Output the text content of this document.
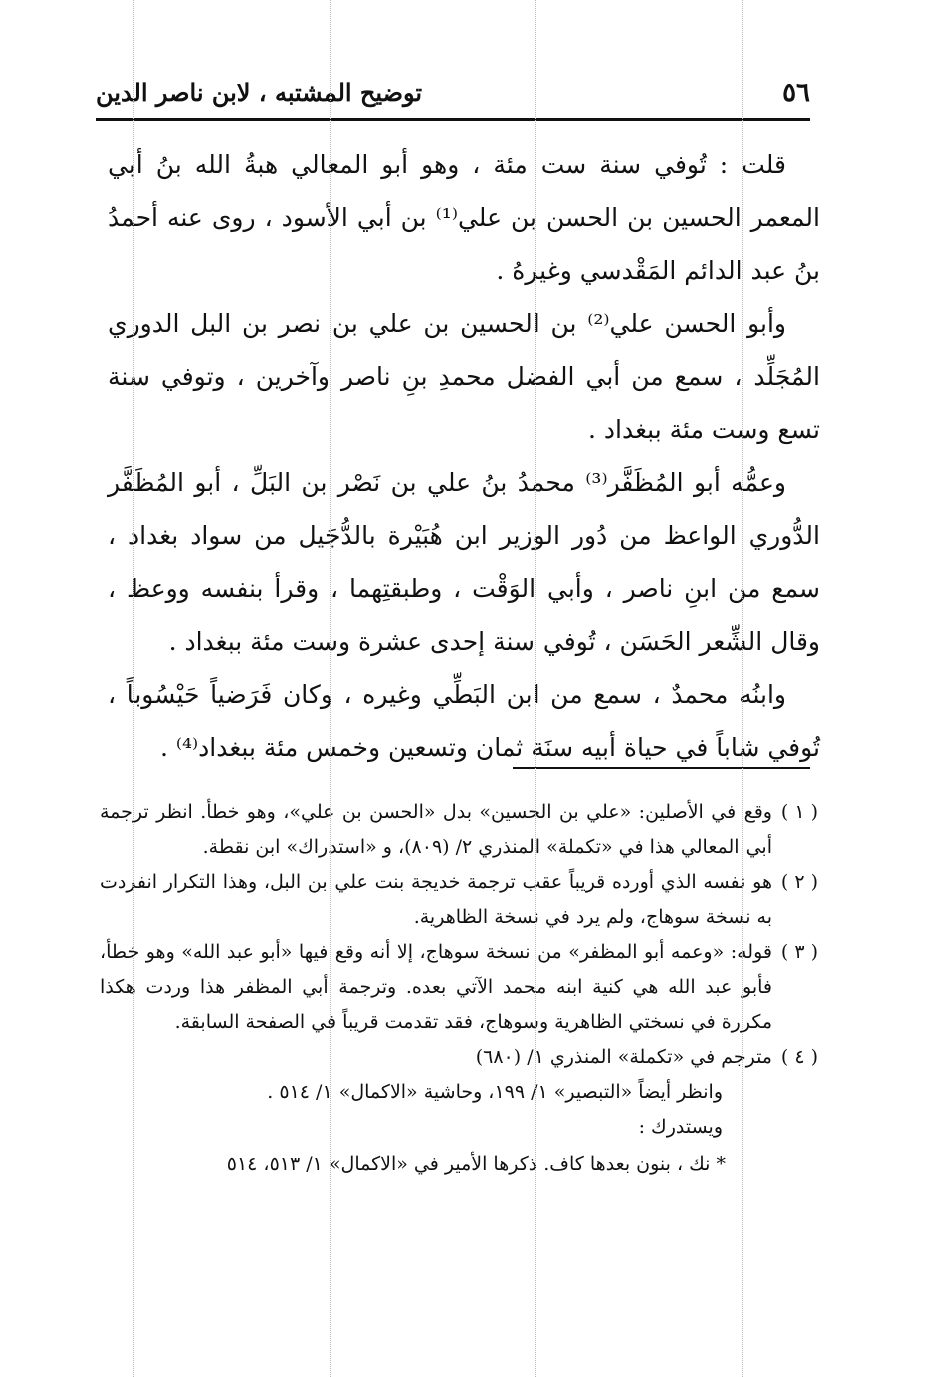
٥٦
توضيح المشتبه ، لابن ناصر الدين

قلت : تُوفي سنة ست مئة ، وهو أبو المعالي هبةُ الله بنُ أبي المعمر الحسين بن الحسن بن علي⁽¹⁾ بن أبي الأسود ، روى عنه أحمدُ بنُ عبد الدائم المَقْدسي وغيرهُ .

وأبو الحسن علي⁽²⁾ بن الحسين بن علي بن نصر بن البل الدوري المُجَلِّد ، سمع من أبي الفضل محمدِ بنِ ناصر وآخرين ، وتوفي سنة تسع وست مئة ببغداد .

وعمُّه أبو المُظَفَّر⁽³⁾ محمدُ بنُ علي بن نَصْر بن البَلِّ ، أبو المُظَفَّر الدُّوري الواعظ من دُور الوزير ابن هُبَيْرة بالدُّجَيل من سواد بغداد ، سمع من ابنِ ناصر ، وأبي الوَقْت ، وطبقتِهما ، وقرأ بنفسه ووعظ ، وقال الشِّعر الحَسَن ، تُوفي سنة إحدى عشرة وست مئة ببغداد .

وابنُه محمدٌ ، سمع من ابن البَطِّي وغيره ، وكان فَرَضياً حَيْسُوباً ، تُوفي شاباً في حياة أبيه سنَة ثمان وتسعين وخمس مئة ببغداد⁽⁴⁾ .

( ١ )
وقع في الأصلين: «علي بن الحسين» بدل «الحسن بن علي»، وهو خطأ. انظر ترجمة أبي المعالي هذا في «تكملة» المنذري ٢/ (٨٠٩)، و «استدراك» ابن نقطة.
( ٢ )
هو نفسه الذي أورده قريباً عقب ترجمة خديجة بنت علي بن البل، وهذا التكرار انفردت به نسخة سوهاج، ولم يرد في نسخة الظاهرية.
( ٣ )
قوله: «وعمه أبو المظفر» من نسخة سوهاج، إلا أنه وقع فيها «أبو عبد الله» وهو خطأ، فأبو عبد الله هي كنية ابنه محمد الآتي بعده. وترجمة أبي المظفر هذا وردت هكذا مكررة في نسختي الظاهرية وسوهاج، فقد تقدمت قريباً في الصفحة السابقة.
( ٤ )
مترجم في «تكملة» المنذري ١/ (٦٨٠)

وانظر أيضاً «التبصير» ١/ ١٩٩، وحاشية «الاكمال» ١/ ٥١٤ .

ويستدرك :

* نك ، بنون بعدها كاف. ذكرها الأمير في «الاكمال» ١/ ٥١٣، ٥١٤
